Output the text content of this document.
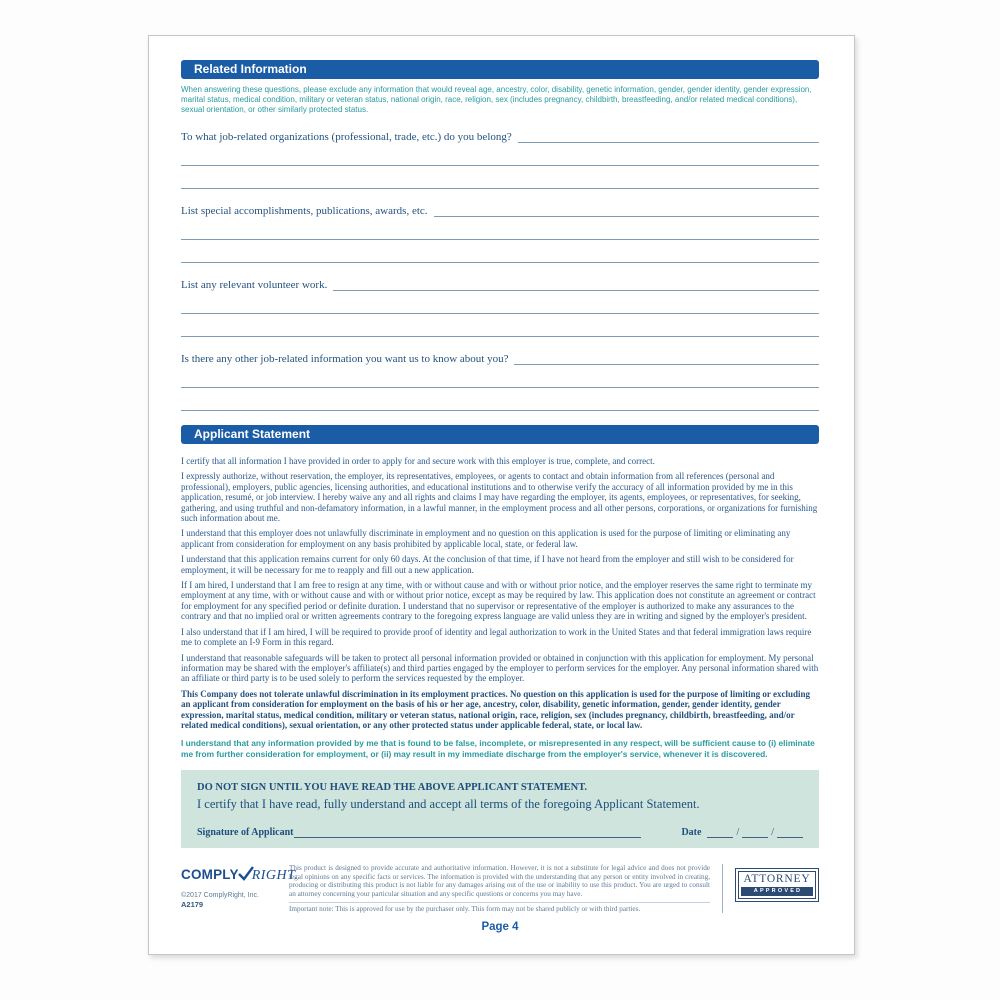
Related Information
When answering these questions, please exclude any information that would reveal age, ancestry, color, disability, genetic information, gender, gender identity, gender expression, marital status, medical condition, military or veteran status, national origin, race, religion, sex (includes pregnancy, childbirth, breastfeeding, and/or related medical conditions), sexual orientation, or other similarly protected status.
To what job-related organizations (professional, trade, etc.) do you belong?
List special accomplishments, publications, awards, etc.
List any relevant volunteer work.
Is there any other job-related information you want us to know about you?
Applicant Statement

I certify that all information I have provided in order to apply for and secure work with this employer is true, complete, and correct.

I expressly authorize, without reservation, the employer, its representatives, employees, or agents to contact and obtain information from all references (personal and professional), employers, public agencies, licensing authorities, and educational institutions and to otherwise verify the accuracy of all information provided by me in this application, resumé, or job interview. I hereby waive any and all rights and claims I may have regarding the employer, its agents, employees, or representatives, for seeking, gathering, and using truthful and non-defamatory information, in a lawful manner, in the employment process and all other persons, corporations, or organizations for furnishing such information about me.

I understand that this employer does not unlawfully discriminate in employment and no question on this application is used for the purpose of limiting or eliminating any applicant from consideration for employment on any basis prohibited by applicable local, state, or federal law.

I understand that this application remains current for only 60 days. At the conclusion of that time, if I have not heard from the employer and still wish to be considered for employment, it will be necessary for me to reapply and fill out a new application.

If I am hired, I understand that I am free to resign at any time, with or without cause and with or without prior notice, and the employer reserves the same right to terminate my employment at any time, with or without cause and with or without prior notice, except as may be required by law. This application does not constitute an agreement or contract for employment for any specified period or definite duration. I understand that no supervisor or representative of the employer is authorized to make any assurances to the contrary and that no implied oral or written agreements contrary to the foregoing express language are valid unless they are in writing and signed by the employer's president.

I also understand that if I am hired, I will be required to provide proof of identity and legal authorization to work in the United States and that federal immigration laws require me to complete an I-9 Form in this regard.

I understand that reasonable safeguards will be taken to protect all personal information provided or obtained in conjunction with this application for employment. My personal information may be shared with the employer's affiliate(s) and third parties engaged by the employer to perform services for the employer. Any personal information shared with an affiliate or third party is to be used solely to perform the services requested by the employer.

This Company does not tolerate unlawful discrimination in its employment practices. No question on this application is used for the purpose of limiting or excluding an applicant from consideration for employment on the basis of his or her age, ancestry, color, disability, genetic information, gender, gender identity, gender expression, marital status, medical condition, military or veteran status, national origin, race, religion, sex (includes pregnancy, childbirth, breastfeeding, and/or related medical conditions), sexual orientation, or any other protected status under applicable federal, state, or local law.

I understand that any information provided by me that is found to be false, incomplete, or misrepresented in any respect, will be sufficient cause to (i) eliminate me from further consideration for employment, or (ii) may result in my immediate discharge from the employer's service, whenever it is discovered.

DO NOT SIGN UNTIL YOU HAVE READ THE ABOVE APPLICANT STATEMENT.
I certify that I have read, fully understand and accept all terms of the foregoing Applicant Statement.
Signature of Applicant	Date	/	/
COMPLY RIGHT.
©2017 ComplyRight, Inc.
A2179
This product is designed to provide accurate and authoritative information. However, it is not a substitute for legal advice and does not provide legal opinions on any specific facts or services. The information is provided with the understanding that any person or entity involved in creating, producing or distributing this product is not liable for any damages arising out of the use or inability to use this product. You are urged to consult an attorney concerning your particular situation and any specific questions or concerns you may have.
Important note: This is approved for use by the purchaser only. This form may not be shared publicly or with third parties.
ATTORNEY
APPROVED
Page 4
